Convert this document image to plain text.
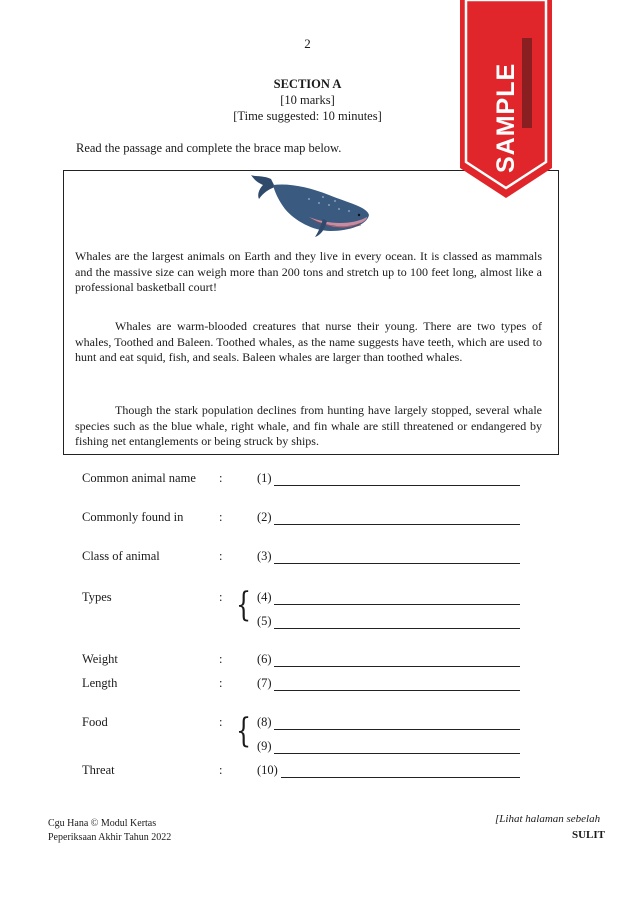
2
SECTION A
[10 marks]
[Time suggested: 10 minutes]
Read the passage and complete the brace map below.
Whales are the largest animals on Earth and they live in every ocean. It is classed as mammals and the massive size can weigh more than 200 tons and stretch up to 100 feet long, almost like a professional basketball court!
Whales are warm-blooded creatures that nurse their young. There are two types of whales, Toothed and Baleen. Toothed whales, as the name suggests have teeth, which are used to hunt and eat squid, fish, and seals. Baleen whales are larger than toothed whales.
Though the stark population declines from hunting have largely stopped, several whale species such as the blue whale, right whale, and fin whale are still threatened or endangered by fishing net entanglements or being struck by ships.
Common animal name :	(1)
Commonly found in	:	(2)
Class of animal	:	(3)
Types	: { (4)
(5)
Weight	:	(6)
Length	:	(7)
Food	: { (8)
(9)
Threat	:	(10)
Cgu Hana © Modul Kertas
Peperiksaan Akhir Tahun 2022
[Lihat halaman sebelah
SULIT
SAMPLE
